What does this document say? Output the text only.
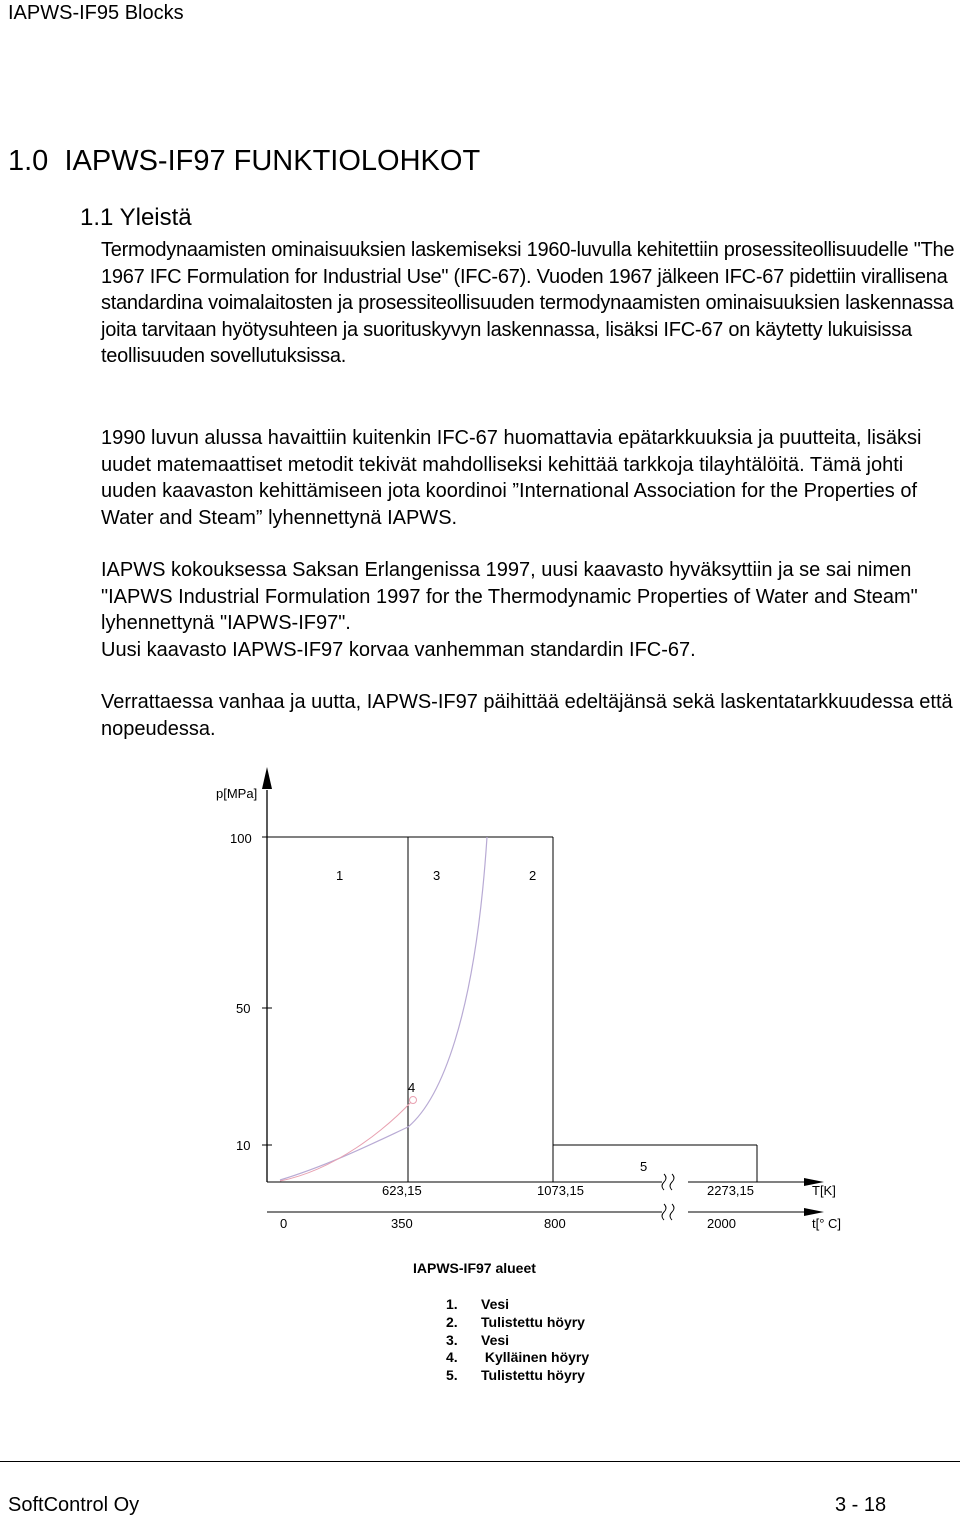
IAPWS-IF95 Blocks
1.0 IAPWS-IF97 FUNKTIOLOHKOT
1.1 Yleistä

Termodynaamisten ominaisuuksien laskemiseksi 1960-luvulla kehitettiin prosessiteollisuudelle "The 1967 IFC Formulation for Industrial Use" (IFC-67). Vuoden 1967 jälkeen IFC-67 pidettiin virallisena standardina voimalaitosten ja prosessiteollisuuden termodynaamisten ominaisuuksien laskennassa joita tarvitaan hyötysuhteen ja suorituskyvyn laskennassa, lisäksi IFC-67 on käytetty lukuisissa teollisuuden sovellutuksissa.

1990 luvun alussa havaittiin kuitenkin IFC-67 huomattavia epätarkkuuksia ja puutteita, lisäksi uudet matemaattiset metodit tekivät mahdolliseksi kehittää tarkkoja tilayhtälöitä. Tämä johti uuden kaavaston kehittämiseen jota koordinoi ”International Association for the Properties of Water and Steam” lyhennettynä IAPWS.

IAPWS kokouksessa Saksan Erlangenissa 1997, uusi kaavasto hyväksyttiin ja se sai nimen "IAPWS Industrial Formulation 1997 for the Thermodynamic Properties of Water and Steam" lyhennettynä "IAPWS-IF97".

Uusi kaavasto IAPWS-IF97 korvaa vanhemman standardin IFC-67.

Verrattaessa vanhaa ja uutta, IAPWS-IF97 päihittää edeltäjänsä sekä laskentatarkkuudessa että nopeudessa.

p[MPa]
100
50
10
1	3	2
4
5
623,15	1073,15	2273,15	T[K]
0	350	800	2000	t[° C]
IAPWS-IF97 alueet
1. Vesi
2. Tulistettu höyry
3. Vesi
4. Kylläinen höyry
5. Tulistettu höyry
SoftControl Oy	3 - 18
